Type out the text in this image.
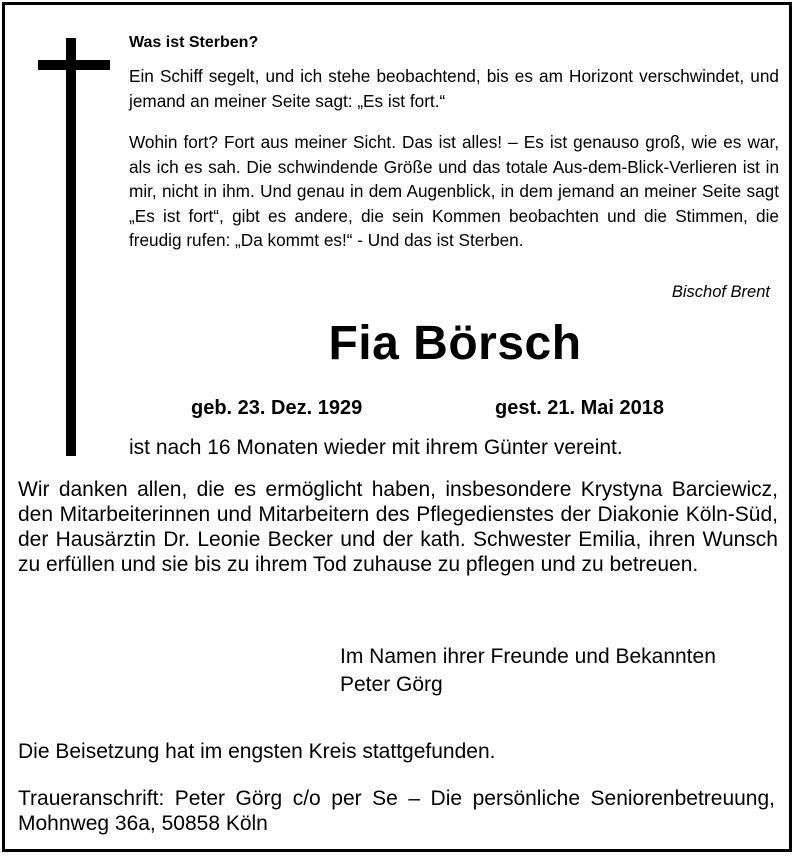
Was ist Sterben?
Ein Schiff segelt, und ich stehe beobachtend, bis es am Horizont verschwindet, und jemand an meiner Seite sagt: „Es ist fort.“
Wohin fort? Fort aus meiner Sicht. Das ist alles! – Es ist genauso groß, wie es war, als ich es sah. Die schwindende Größe und das totale Aus-dem-Blick-Verlieren ist in mir, nicht in ihm. Und genau in dem Augenblick, in dem jemand an meiner Seite sagt „Es ist fort“, gibt es andere, die sein Kommen beobachten und die Stimmen, die freudig rufen: „Da kommt es!“ - Und das ist Sterben.
Bischof Brent
Fia Börsch
geb. 23. Dez. 1929	gest. 21. Mai 2018
ist nach 16 Monaten wieder mit ihrem Günter vereint.
Wir danken allen, die es ermöglicht haben, insbesondere Krystyna Barciewicz, den Mitarbeiterinnen und Mitarbeitern des Pflegedienstes der Diakonie Köln-Süd, der Hausärztin Dr. Leonie Becker und der kath. Schwester Emilia, ihren Wunsch zu erfüllen und sie bis zu ihrem Tod zuhause zu pflegen und zu betreuen.
Im Namen ihrer Freunde und Bekannten
Peter Görg
Die Beisetzung hat im engsten Kreis stattgefunden.
Traueranschrift: Peter Görg c/o per Se – Die persönliche Seniorenbetreuung, Mohnweg 36a, 50858 Köln
